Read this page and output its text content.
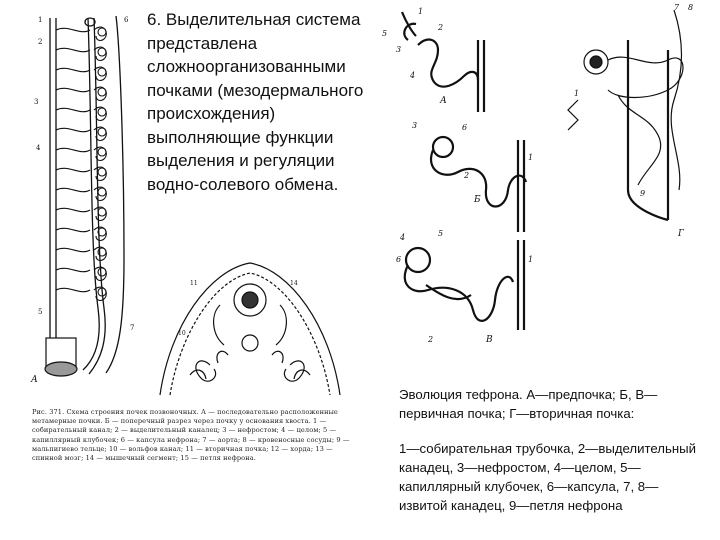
1
2
3
4
5
6
7
А
14
11
10
Рис. 371. Схема строения почек позвоночных. А — последовательно расположенные метамерные почки. Б — поперечный разрез через почку у основания хвоста. 1 — собирательный канал; 2 — выделительный каналец; 3 — нефростом; 4 — целом; 5 — капиллярный клубочек; 6 — капсула нефрона; 7 — аорта; 8 — кровеносные сосуды; 9 — мальпигиево тельце; 10 — вольфов канал; 11 — вторичная почка; 12 — хорда; 13 — спинной мозг; 14 — мышечный сегмент; 15 — петля нефрона.
6. Выделительная система представлена сложноорганизованными почками (мезодермального происхождения) выполняющие функции выделения и регуляции водно-солевого обмена.
1
2
3
4
5
А
3	6
1
2
Б
4	5
6	1
2	В
7 8
1
9
Г

Эволюция тефрона. А—предпочка; Б, В—первичная почка; Г—вторичная почка:

1—собирательная трубочка, 2—выделительный канадец, 3—нефростом, 4—целом, 5—капиллярный клубочек, 6—капсула, 7, 8—извитой канадец, 9—петля нефрона
